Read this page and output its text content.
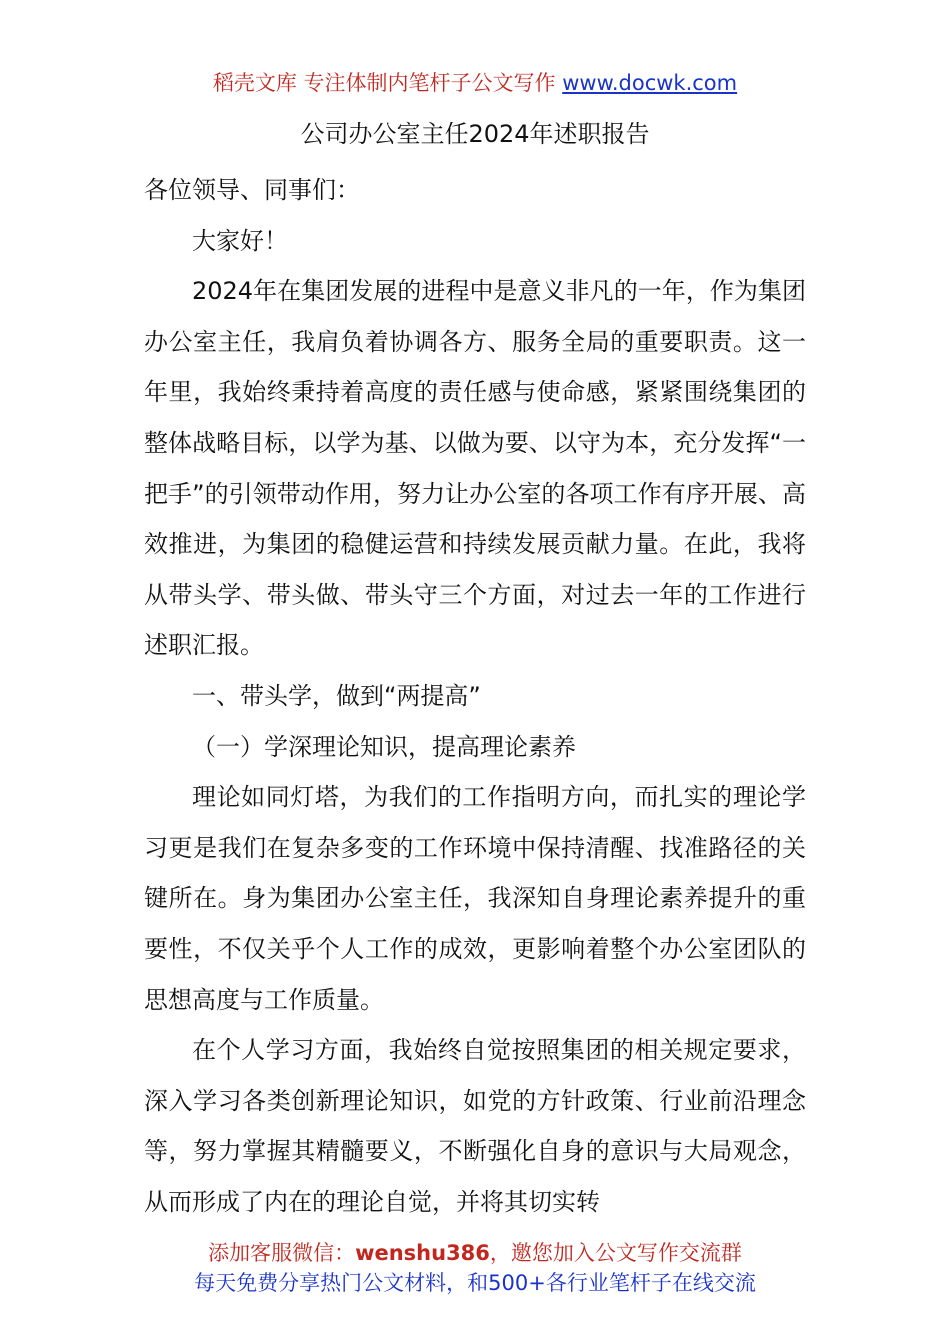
稻壳文库 专注体制内笔杆子公文写作 www.docwk.com
公司办公室主任2024年述职报告

各位领导、同事们：

大家好！

2024年在集团发展的进程中是意义非凡的一年，作为集团办公室主任，我肩负着协调各方、服务全局的重要职责。这一年里，我始终秉持着高度的责任感与使命感，紧紧围绕集团的整体战略目标，以学为基、以做为要、以守为本，充分发挥“一把手”的引领带动作用，努力让办公室的各项工作有序开展、高效推进，为集团的稳健运营和持续发展贡献力量。在此，我将从带头学、带头做、带头守三个方面，对过去一年的工作进行述职汇报。

一、带头学，做到“两提高”

（一）学深理论知识，提高理论素养

理论如同灯塔，为我们的工作指明方向，而扎实的理论学习更是我们在复杂多变的工作环境中保持清醒、找准路径的关键所在。身为集团办公室主任，我深知自身理论素养提升的重要性，不仅关乎个人工作的成效，更影响着整个办公室团队的思想高度与工作质量。

在个人学习方面，我始终自觉按照集团的相关规定要求，深入学习各类创新理论知识，如党的方针政策、行业前沿理念等，努力掌握其精髓要义，不断强化自身的意识与大局观念，从而形成了内在的理论自觉，并将其切实转

添加客服微信：wenshu386，邀您加入公文写作交流群
每天免费分享热门公文材料，和500+各行业笔杆子在线交流
